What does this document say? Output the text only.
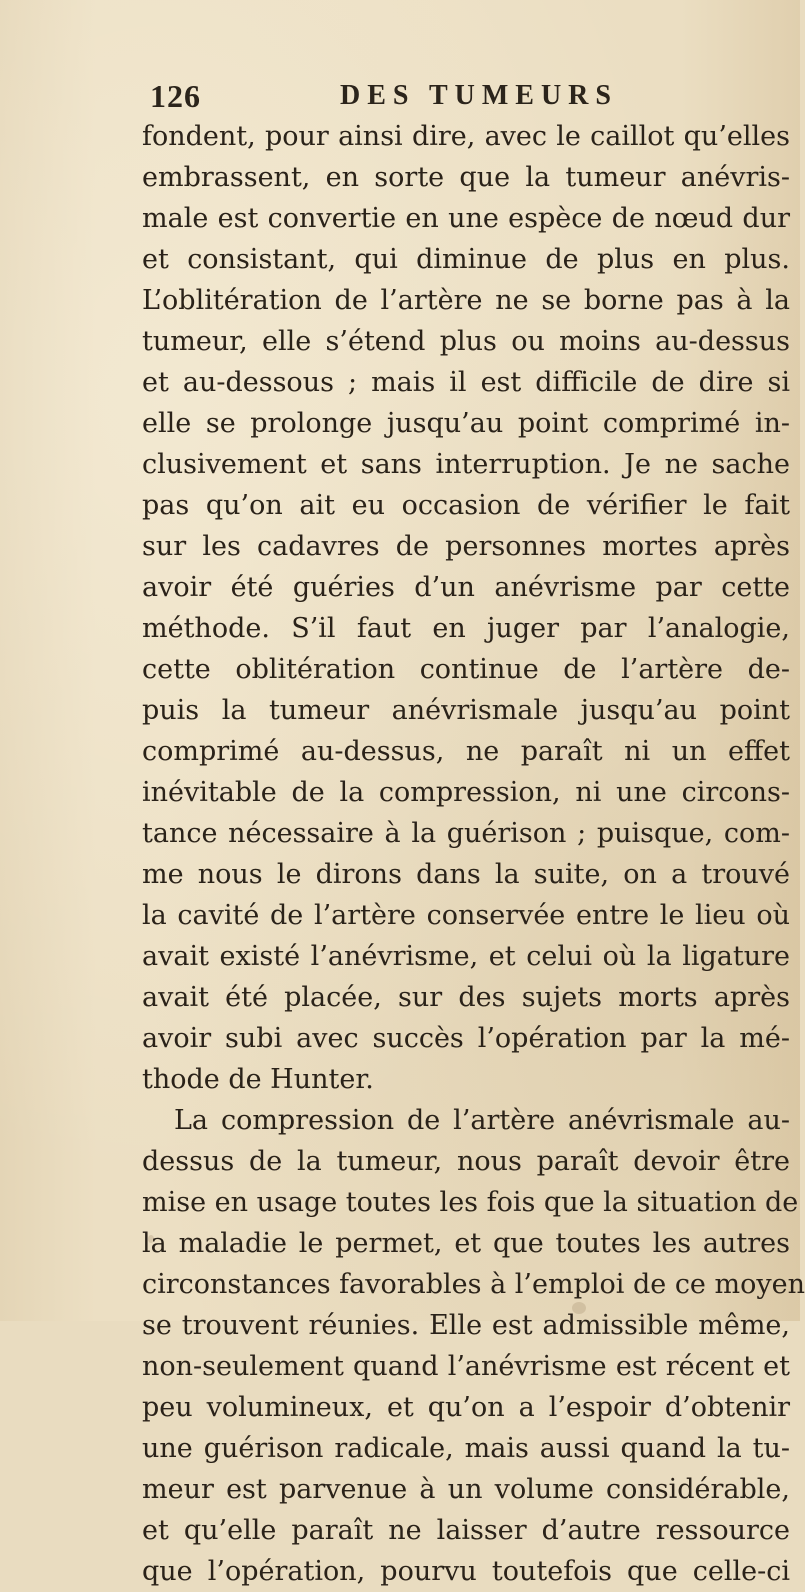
126	DES TUMEURS
fondent, pour ainsi dire, avec le caillot qu’elles
embrassent, en sorte que la tumeur anévris-
male est convertie en une espèce de nœud dur
et consistant, qui diminue de plus en plus.
L’oblitération de l’artère ne se borne pas à la
tumeur, elle s’étend plus ou moins au-dessus
et au-dessous ; mais il est difficile de dire si
elle se prolonge jusqu’au point comprimé in-
clusivement et sans interruption. Je ne sache
pas qu’on ait eu occasion de vérifier le fait
sur les cadavres de personnes mortes après
avoir été guéries d’un anévrisme par cette
méthode. S’il faut en juger par l’analogie,
cette oblitération continue de l’artère de-
puis la tumeur anévrismale jusqu’au point
comprimé au-dessus, ne paraît ni un effet
inévitable de la compression, ni une circons-
tance nécessaire à la guérison ; puisque, com-
me nous le dirons dans la suite, on a trouvé
la cavité de l’artère conservée entre le lieu où
avait existé l’anévrisme, et celui où la ligature
avait été placée, sur des sujets morts après
avoir subi avec succès l’opération par la mé-
thode de Hunter.
La compression de l’artère anévrismale au-
dessus de la tumeur, nous paraît devoir être
mise en usage toutes les fois que la situation de
la maladie le permet, et que toutes les autres
circonstances favorables à l’emploi de ce moyen
se trouvent réunies. Elle est admissible même,
non-seulement quand l’anévrisme est récent et
peu volumineux, et qu’on a l’espoir d’obtenir
une guérison radicale, mais aussi quand la tu-
meur est parvenue à un volume considérable,
et qu’elle paraît ne laisser d’autre ressource
que l’opération, pourvu toutefois que celle-ci
